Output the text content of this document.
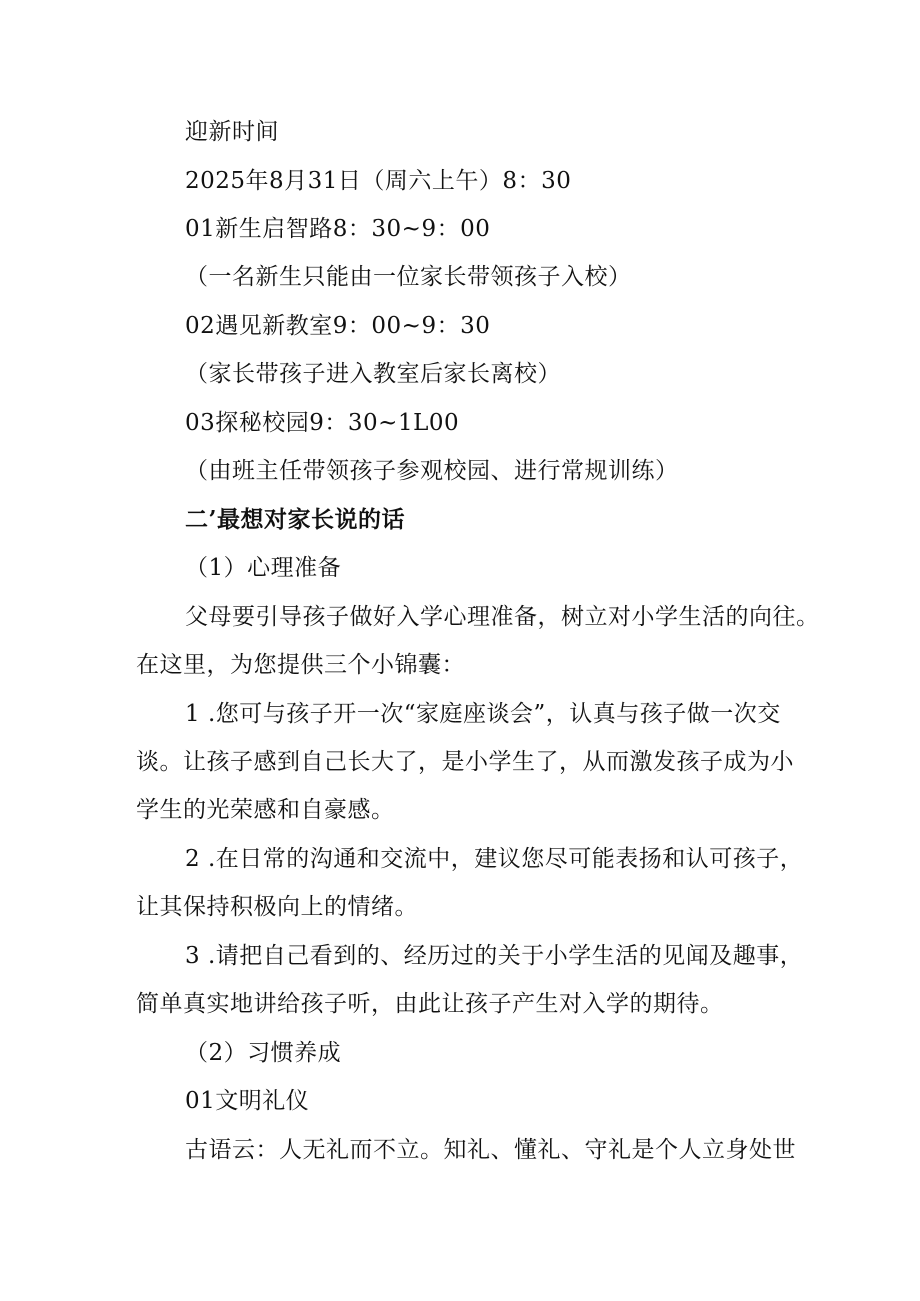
迎新时间
2025年8月31日（周六上午）8：30
01新生启智路8：30~9：00
（一名新生只能由一位家长带领孩子入校）
02遇见新教室9：00~9：30
（家长带孩子进入教室后家长离校）
03探秘校园9：30~1L00
（由班主任带领孩子参观校园、进行常规训练）
二’最想对家长说的话
（1）心理准备
父母要引导孩子做好入学心理准备，树立对小学生活的向往。
在这里，为您提供三个小锦囊：
1 .您可与孩子开一次“家庭座谈会”，认真与孩子做一次交
谈。让孩子感到自己长大了，是小学生了，从而激发孩子成为小
学生的光荣感和自豪感。
2 .在日常的沟通和交流中，建议您尽可能表扬和认可孩子，
让其保持积极向上的情绪。
3 .请把自己看到的、经历过的关于小学生活的见闻及趣事，
简单真实地讲给孩子听，由此让孩子产生对入学的期待。
（2）习惯养成
01文明礼仪
古语云：人无礼而不立。知礼、懂礼、守礼是个人立身处世
